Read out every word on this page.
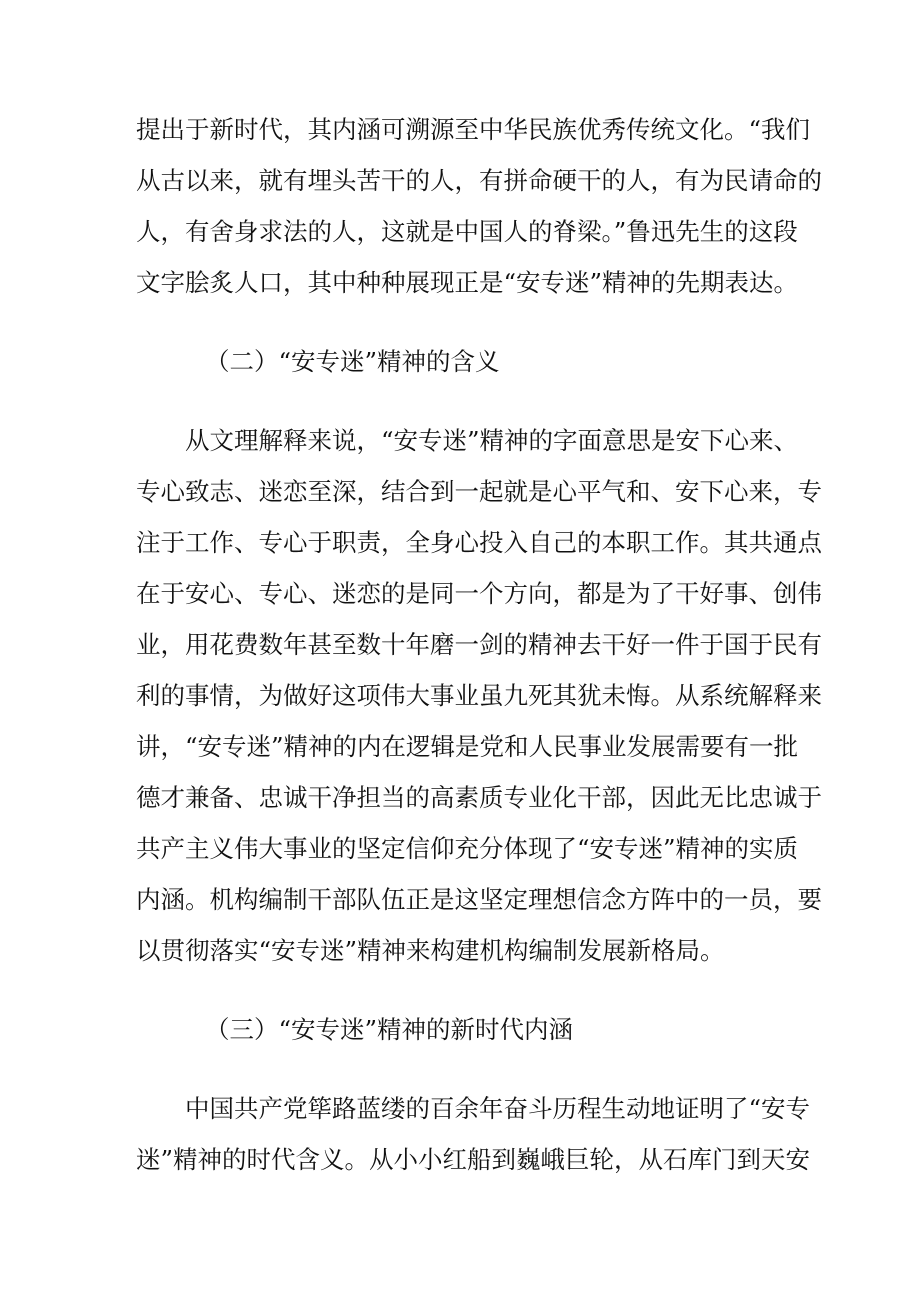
提出于新时代，其内涵可溯源至中华民族优秀传统文化。“我们
从古以来，就有埋头苦干的人，有拼命硬干的人，有为民请命的
人，有舍身求法的人，这就是中国人的脊梁。”鲁迅先生的这段
文字脍炙人口，其中种种展现正是“安专迷”精神的先期表达。
（二）“安专迷”精神的含义
从文理解释来说，“安专迷”精神的字面意思是安下心来、
专心致志、迷恋至深，结合到一起就是心平气和、安下心来，专
注于工作、专心于职责，全身心投入自己的本职工作。其共通点
在于安心、专心、迷恋的是同一个方向，都是为了干好事、创伟
业，用花费数年甚至数十年磨一剑的精神去干好一件于国于民有
利的事情，为做好这项伟大事业虽九死其犹未悔。从系统解释来
讲，“安专迷”精神的内在逻辑是党和人民事业发展需要有一批
德才兼备、忠诚干净担当的高素质专业化干部，因此无比忠诚于
共产主义伟大事业的坚定信仰充分体现了“安专迷”精神的实质
内涵。机构编制干部队伍正是这坚定理想信念方阵中的一员，要
以贯彻落实“安专迷”精神来构建机构编制发展新格局。
（三）“安专迷”精神的新时代内涵
中国共产党筚路蓝缕的百余年奋斗历程生动地证明了“安专
迷”精神的时代含义。从小小红船到巍峨巨轮，从石库门到天安
